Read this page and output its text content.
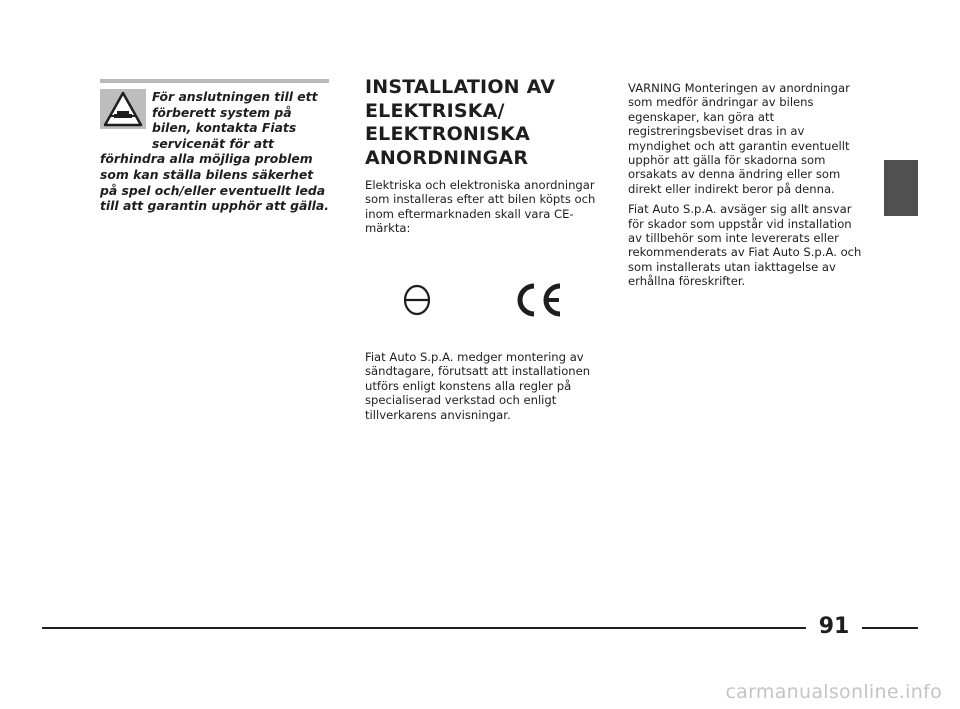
För anslutningen till ett förberett system på bilen, kontakta Fiats servicenät för att förhindra alla möjliga problem som kan ställa bilens säkerhet på spel och/eller eventuellt leda till att garantin upphör att gälla.

INSTALLATION AV ELEKTRISKA/ ELEKTRONISKA ANORDNINGAR

Elektriska och elektroniska anordningar som installeras efter att bilen köpts och inom eftermarknaden skall vara CE-märkta:

Fiat Auto S.p.A. medger montering av sändtagare, förutsatt att installationen utförs enligt konstens alla regler på specialiserad verkstad och enligt tillverkarens anvisningar.

VARNING Monteringen av anordningar som medför ändringar av bilens egenskaper, kan göra att registreringsbeviset dras in av myndighet och att garantin eventuellt upphör att gälla för skadorna som orsakats av denna ändring eller som direkt eller indirekt beror på denna.

Fiat Auto S.p.A. avsäger sig allt ansvar för skador som uppstår vid installation av tillbehör som inte levererats eller rekommenderats av Fiat Auto S.p.A. och som installerats utan iakttagelse av erhållna föreskrifter.

91
carmanualsonline.info
